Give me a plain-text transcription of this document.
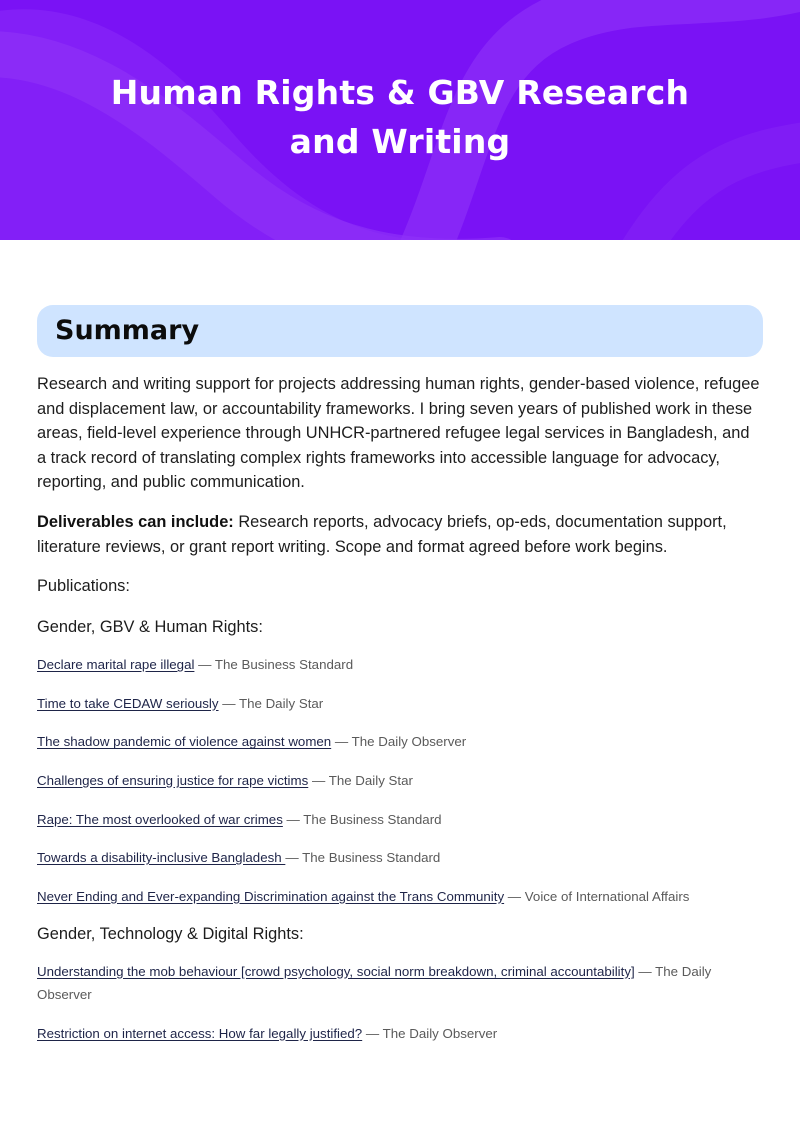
Human Rights & GBV Research
and Writing
Summary

Research and writing support for projects addressing human rights, gender-based violence, refugee and displacement law, or accountability frameworks. I bring seven years of published work in these areas, field-level experience through UNHCR-partnered refugee legal services in Bangladesh, and a track record of translating complex rights frameworks into accessible language for advocacy, reporting, and public communication.

Deliverables can include: Research reports, advocacy briefs, op-eds, documentation support, literature reviews, or grant report writing. Scope and format agreed before work begins.

Publications:

Gender, GBV & Human Rights:

Declare marital rape illegal — The Business Standard
Time to take CEDAW seriously — The Daily Star
The shadow pandemic of violence against women — The Daily Observer
Challenges of ensuring justice for rape victims — The Daily Star
Rape: The most overlooked of war crimes — The Business Standard
Towards a disability-inclusive Bangladesh — The Business Standard
Never Ending and Ever-expanding Discrimination against the Trans Community — Voice of International Affairs

Gender, Technology & Digital Rights:

Understanding the mob behaviour [crowd psychology, social norm breakdown, criminal accountability] — The Daily Observer
Restriction on internet access: How far legally justified? — The Daily Observer
